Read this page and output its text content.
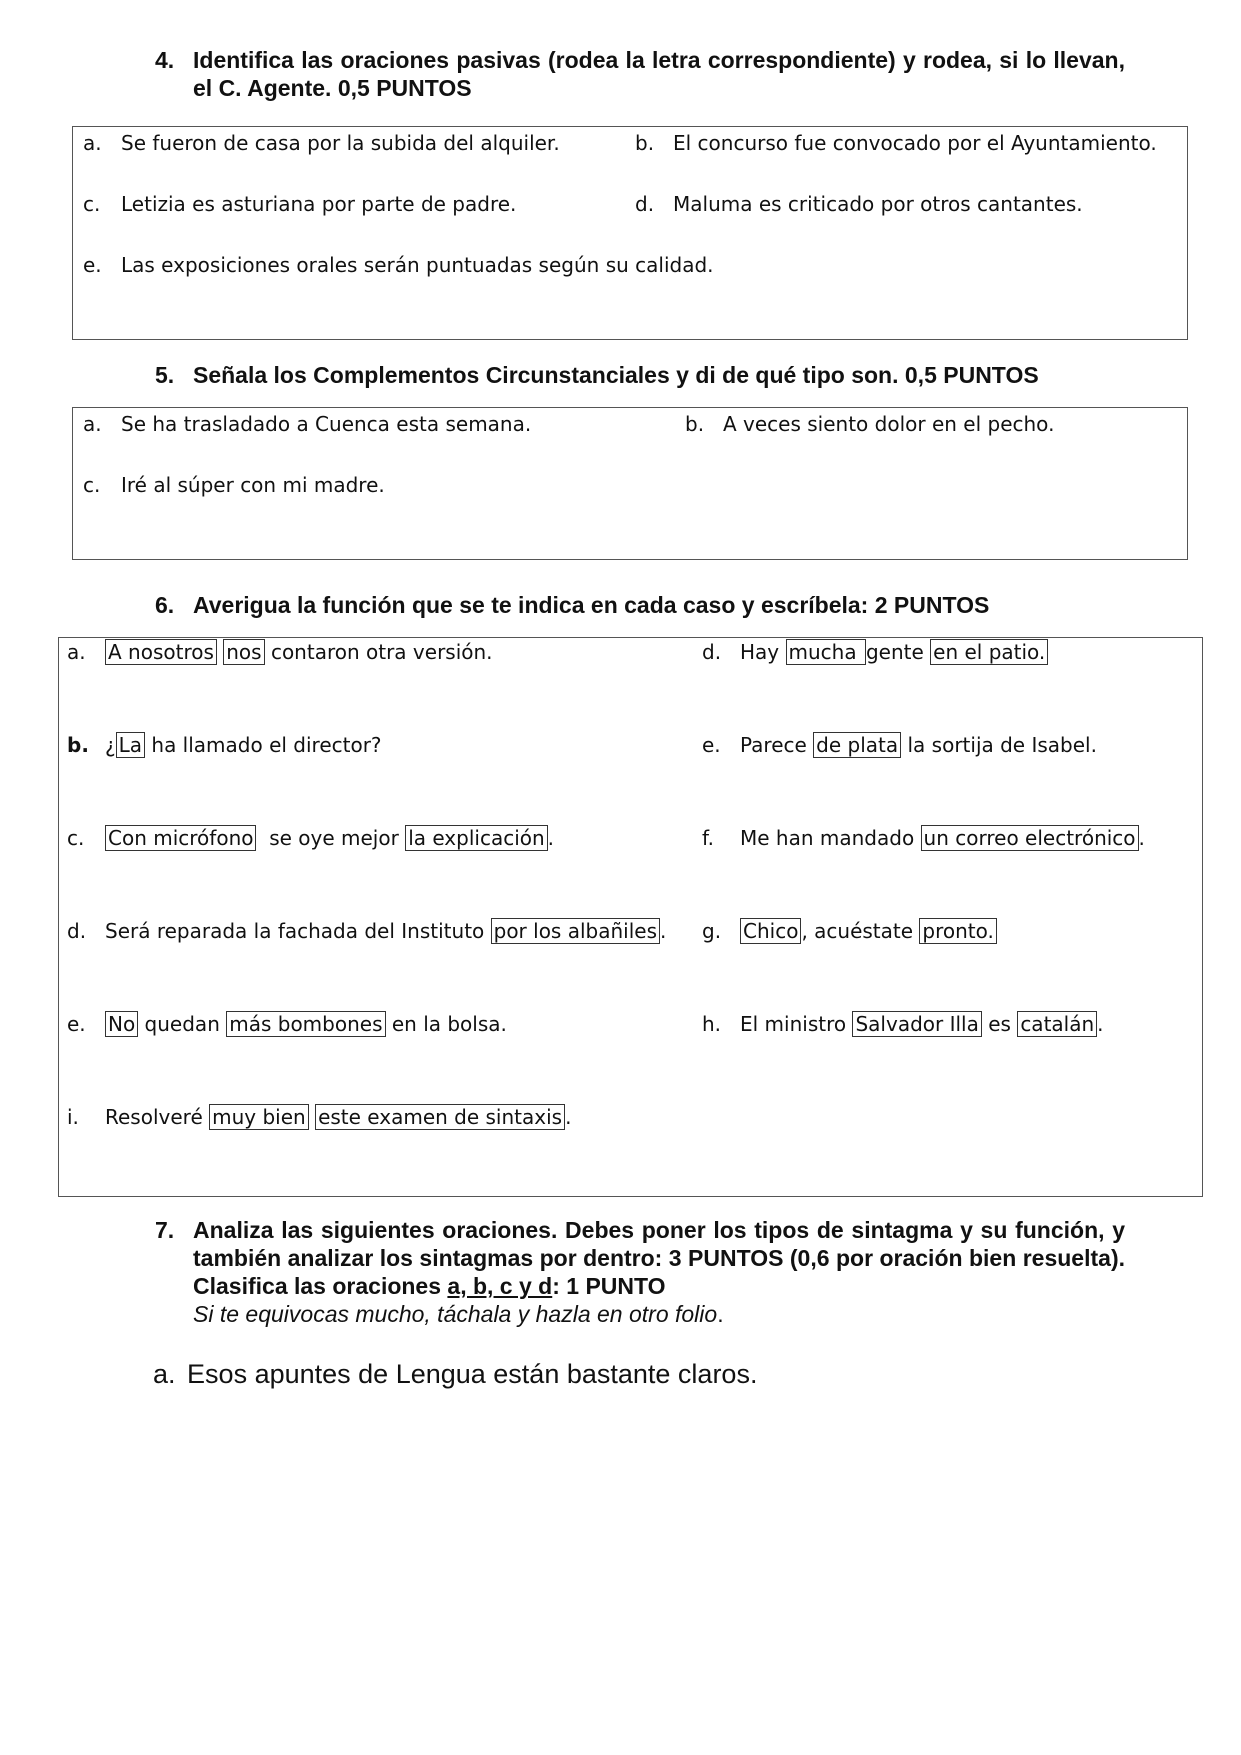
4. Identifica las oraciones pasivas (rodea la letra correspondiente) y rodea, si lo llevan, el C. Agente. 0,5 PUNTOS
a. Se fueron de casa por la subida del alquiler.	b. El concurso fue convocado por el Ayuntamiento.
c. Letizia es asturiana por parte de padre.	d. Maluma es criticado por otros cantantes.
e. Las exposiciones orales serán puntuadas según su calidad.
5. Señala los Complementos Circunstanciales y di de qué tipo son. 0,5 PUNTOS
a. Se ha trasladado a Cuenca esta semana.	b. A veces siento dolor en el pecho.
c. Iré al súper con mi madre.
6. Averigua la función que se te indica en cada caso y escríbela: 2 PUNTOS
a. A nosotros nos contaron otra versión.
b. ¿ La ha llamado el director?
c. Con micrófono  se oye mejor la explicación .
d. Será reparada la fachada del Instituto por los albañiles .
e. No quedan más bombones en la bolsa.
i. Resolveré muy bien este examen de sintaxis .
d. Hay mucha gente en el patio.
e. Parece de plata la sortija de Isabel.
f. Me han mandado un correo electrónico .
g. Chico , acuéstate pronto.
h. El ministro Salvador Illa es catalán .
7. Analiza las siguientes oraciones. Debes poner los tipos de sintagma y su función, y también analizar los sintagmas por dentro: 3 PUNTOS (0,6 por oración bien resuelta). Clasifica las oraciones a, b, c y d: 1 PUNTO
Si te equivocas mucho, táchala y hazla en otro folio.
a. Esos apuntes de Lengua están bastante claros.
